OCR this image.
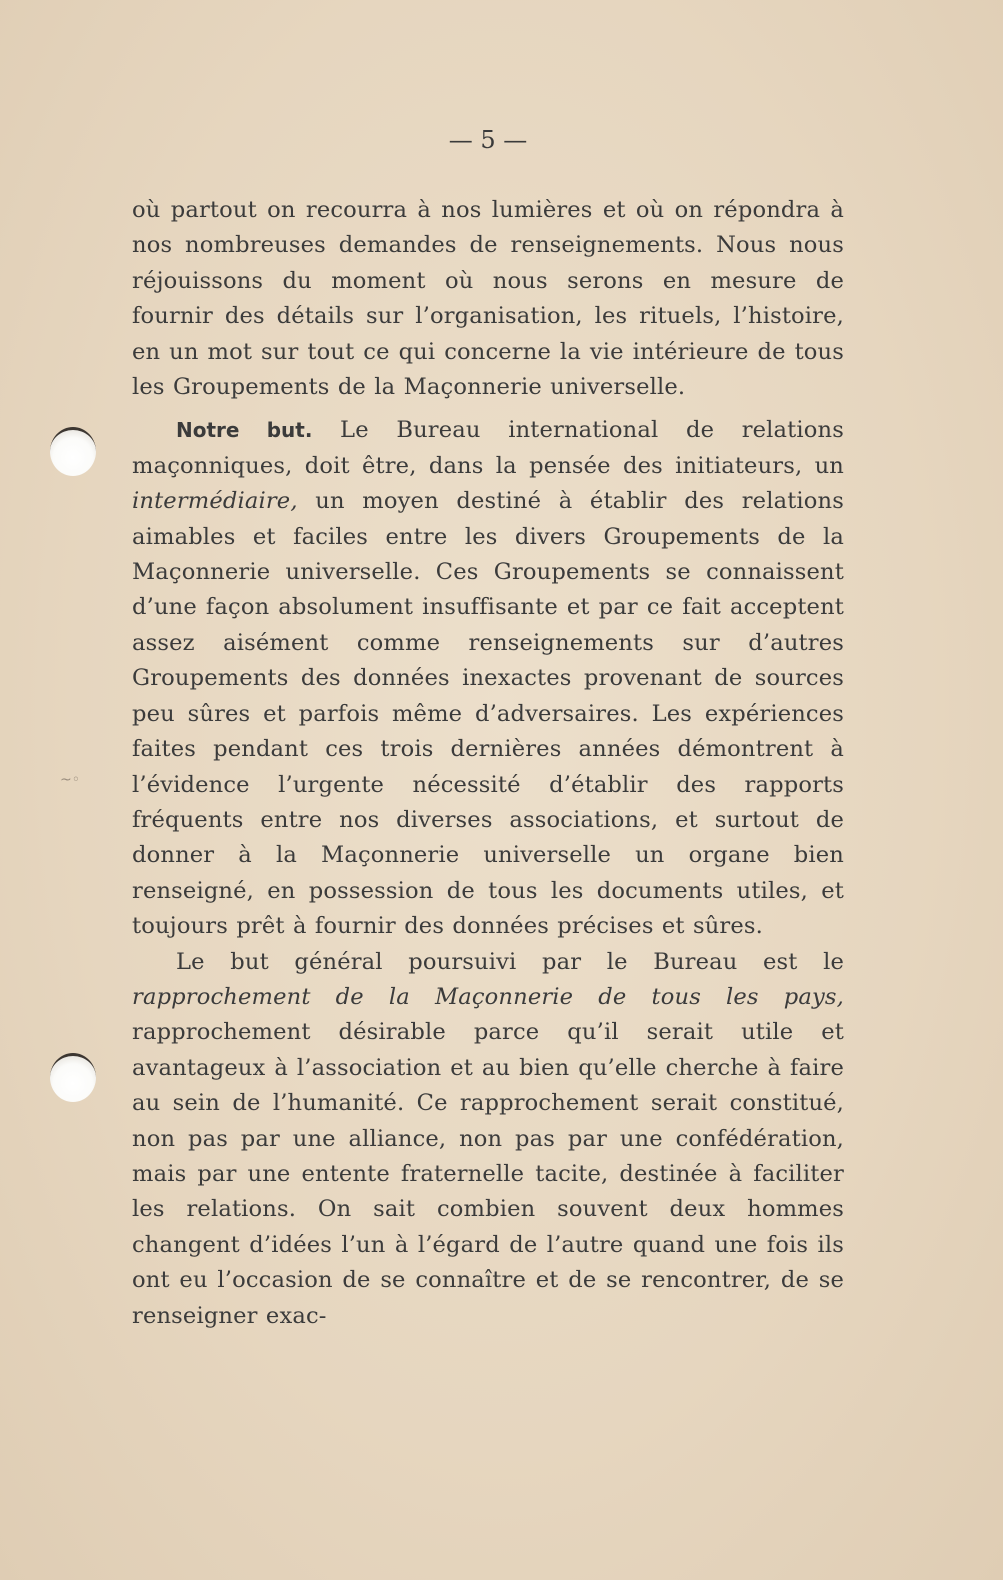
~◦
— 5 —

où partout on recourra à nos lumières et où on répondra à nos nombreuses demandes de renseignements. Nous nous réjouissons du moment où nous serons en mesure de fournir des détails sur l’organisation, les rituels, l’histoire, en un mot sur tout ce qui concerne la vie intérieure de tous les Groupements de la Maçonnerie universelle.

Notre but. Le Bureau international de relations maçonniques, doit être, dans la pensée des initiateurs, un intermédiaire, un moyen destiné à établir des relations aimables et faciles entre les divers Groupements de la Maçonnerie universelle. Ces Groupements se connaissent d’une façon absolument insuffisante et par ce fait acceptent assez aisément comme renseignements sur d’autres Groupements des données inexactes provenant de sources peu sûres et parfois même d’adversaires. Les expériences faites pendant ces trois dernières années démontrent à l’évidence l’urgente nécessité d’établir des rapports fréquents entre nos diverses associations, et surtout de donner à la Maçonnerie universelle un organe bien renseigné, en possession de tous les documents utiles, et toujours prêt à fournir des données précises et sûres.

Le but général poursuivi par le Bureau est le rapprochement de la Maçonnerie de tous les pays, rapprochement désirable parce qu’il serait utile et avantageux à l’association et au bien qu’elle cherche à faire au sein de l’humanité. Ce rapprochement serait constitué, non pas par une alliance, non pas par une confédération, mais par une entente fraternelle tacite, destinée à faciliter les relations. On sait combien souvent deux hommes changent d’idées l’un à l’égard de l’autre quand une fois ils ont eu l’occasion de se connaître et de se rencontrer, de se renseigner exac-
